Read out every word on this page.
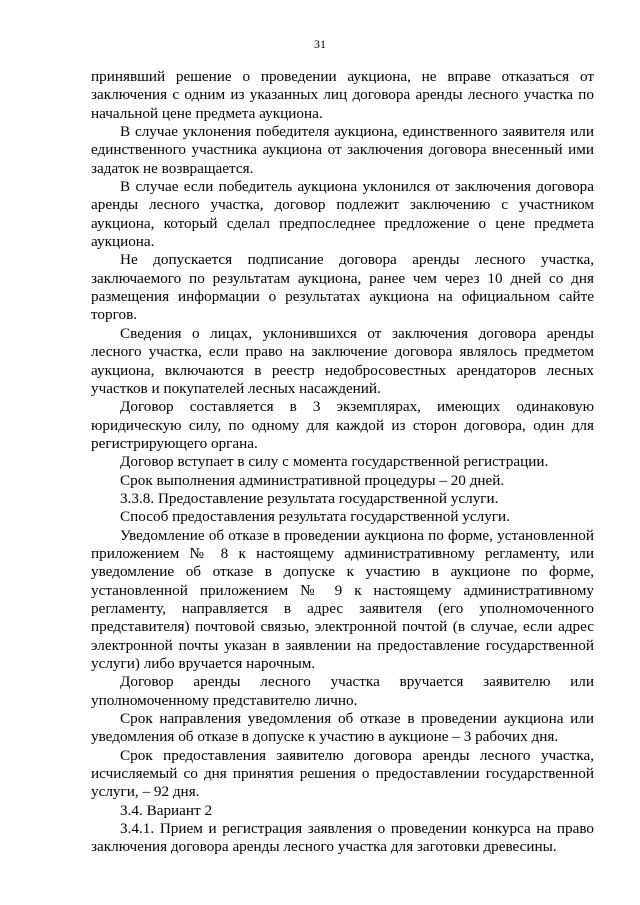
31

принявший решение о проведении аукциона, не вправе отказаться от заключения с одним из указанных лиц договора аренды лесного участка по начальной цене предмета аукциона.

В случае уклонения победителя аукциона, единственного заявителя или единственного участника аукциона от заключения договора внесенный ими задаток не возвращается.

В случае если победитель аукциона уклонился от заключения договора аренды лесного участка, договор подлежит заключению с участником аукциона, который сделал предпоследнее предложение о цене предмета аукциона.

Не допускается подписание договора аренды лесного участка, заключаемого по результатам аукциона, ранее чем через 10 дней со дня размещения информации о результатах аукциона на официальном сайте торгов.

Сведения о лицах, уклонившихся от заключения договора аренды лесного участка, если право на заключение договора являлось предметом аукциона, включаются в реестр недобросовестных арендаторов лесных участков и покупателей лесных насаждений.

Договор составляется в 3 экземплярах, имеющих одинаковую юридическую силу, по одному для каждой из сторон договора, один для регистрирующего органа.

Договор вступает в силу с момента государственной регистрации.

Срок выполнения административной процедуры – 20 дней.

3.3.8. Предоставление результата государственной услуги.

Способ предоставления результата государственной услуги.

Уведомление об отказе в проведении аукциона по форме, установленной приложением № 8 к настоящему административному регламенту, или уведомление об отказе в допуске к участию в аукционе по форме, установленной приложением № 9 к настоящему административному регламенту, направляется в адрес заявителя (его уполномоченного представителя) почтовой связью, электронной почтой (в случае, если адрес электронной почты указан в заявлении на предоставление государственной услуги) либо вручается нарочным.

Договор аренды лесного участка вручается заявителю или уполномоченному представителю лично.

Срок направления уведомления об отказе в проведении аукциона или уведомления об отказе в допуске к участию в аукционе – 3 рабочих дня.

Срок предоставления заявителю договора аренды лесного участка, исчисляемый со дня принятия решения о предоставлении государственной услуги, – 92 дня.

3.4. Вариант 2

3.4.1. Прием и регистрация заявления о проведении конкурса на право заключения договора аренды лесного участка для заготовки древесины.
